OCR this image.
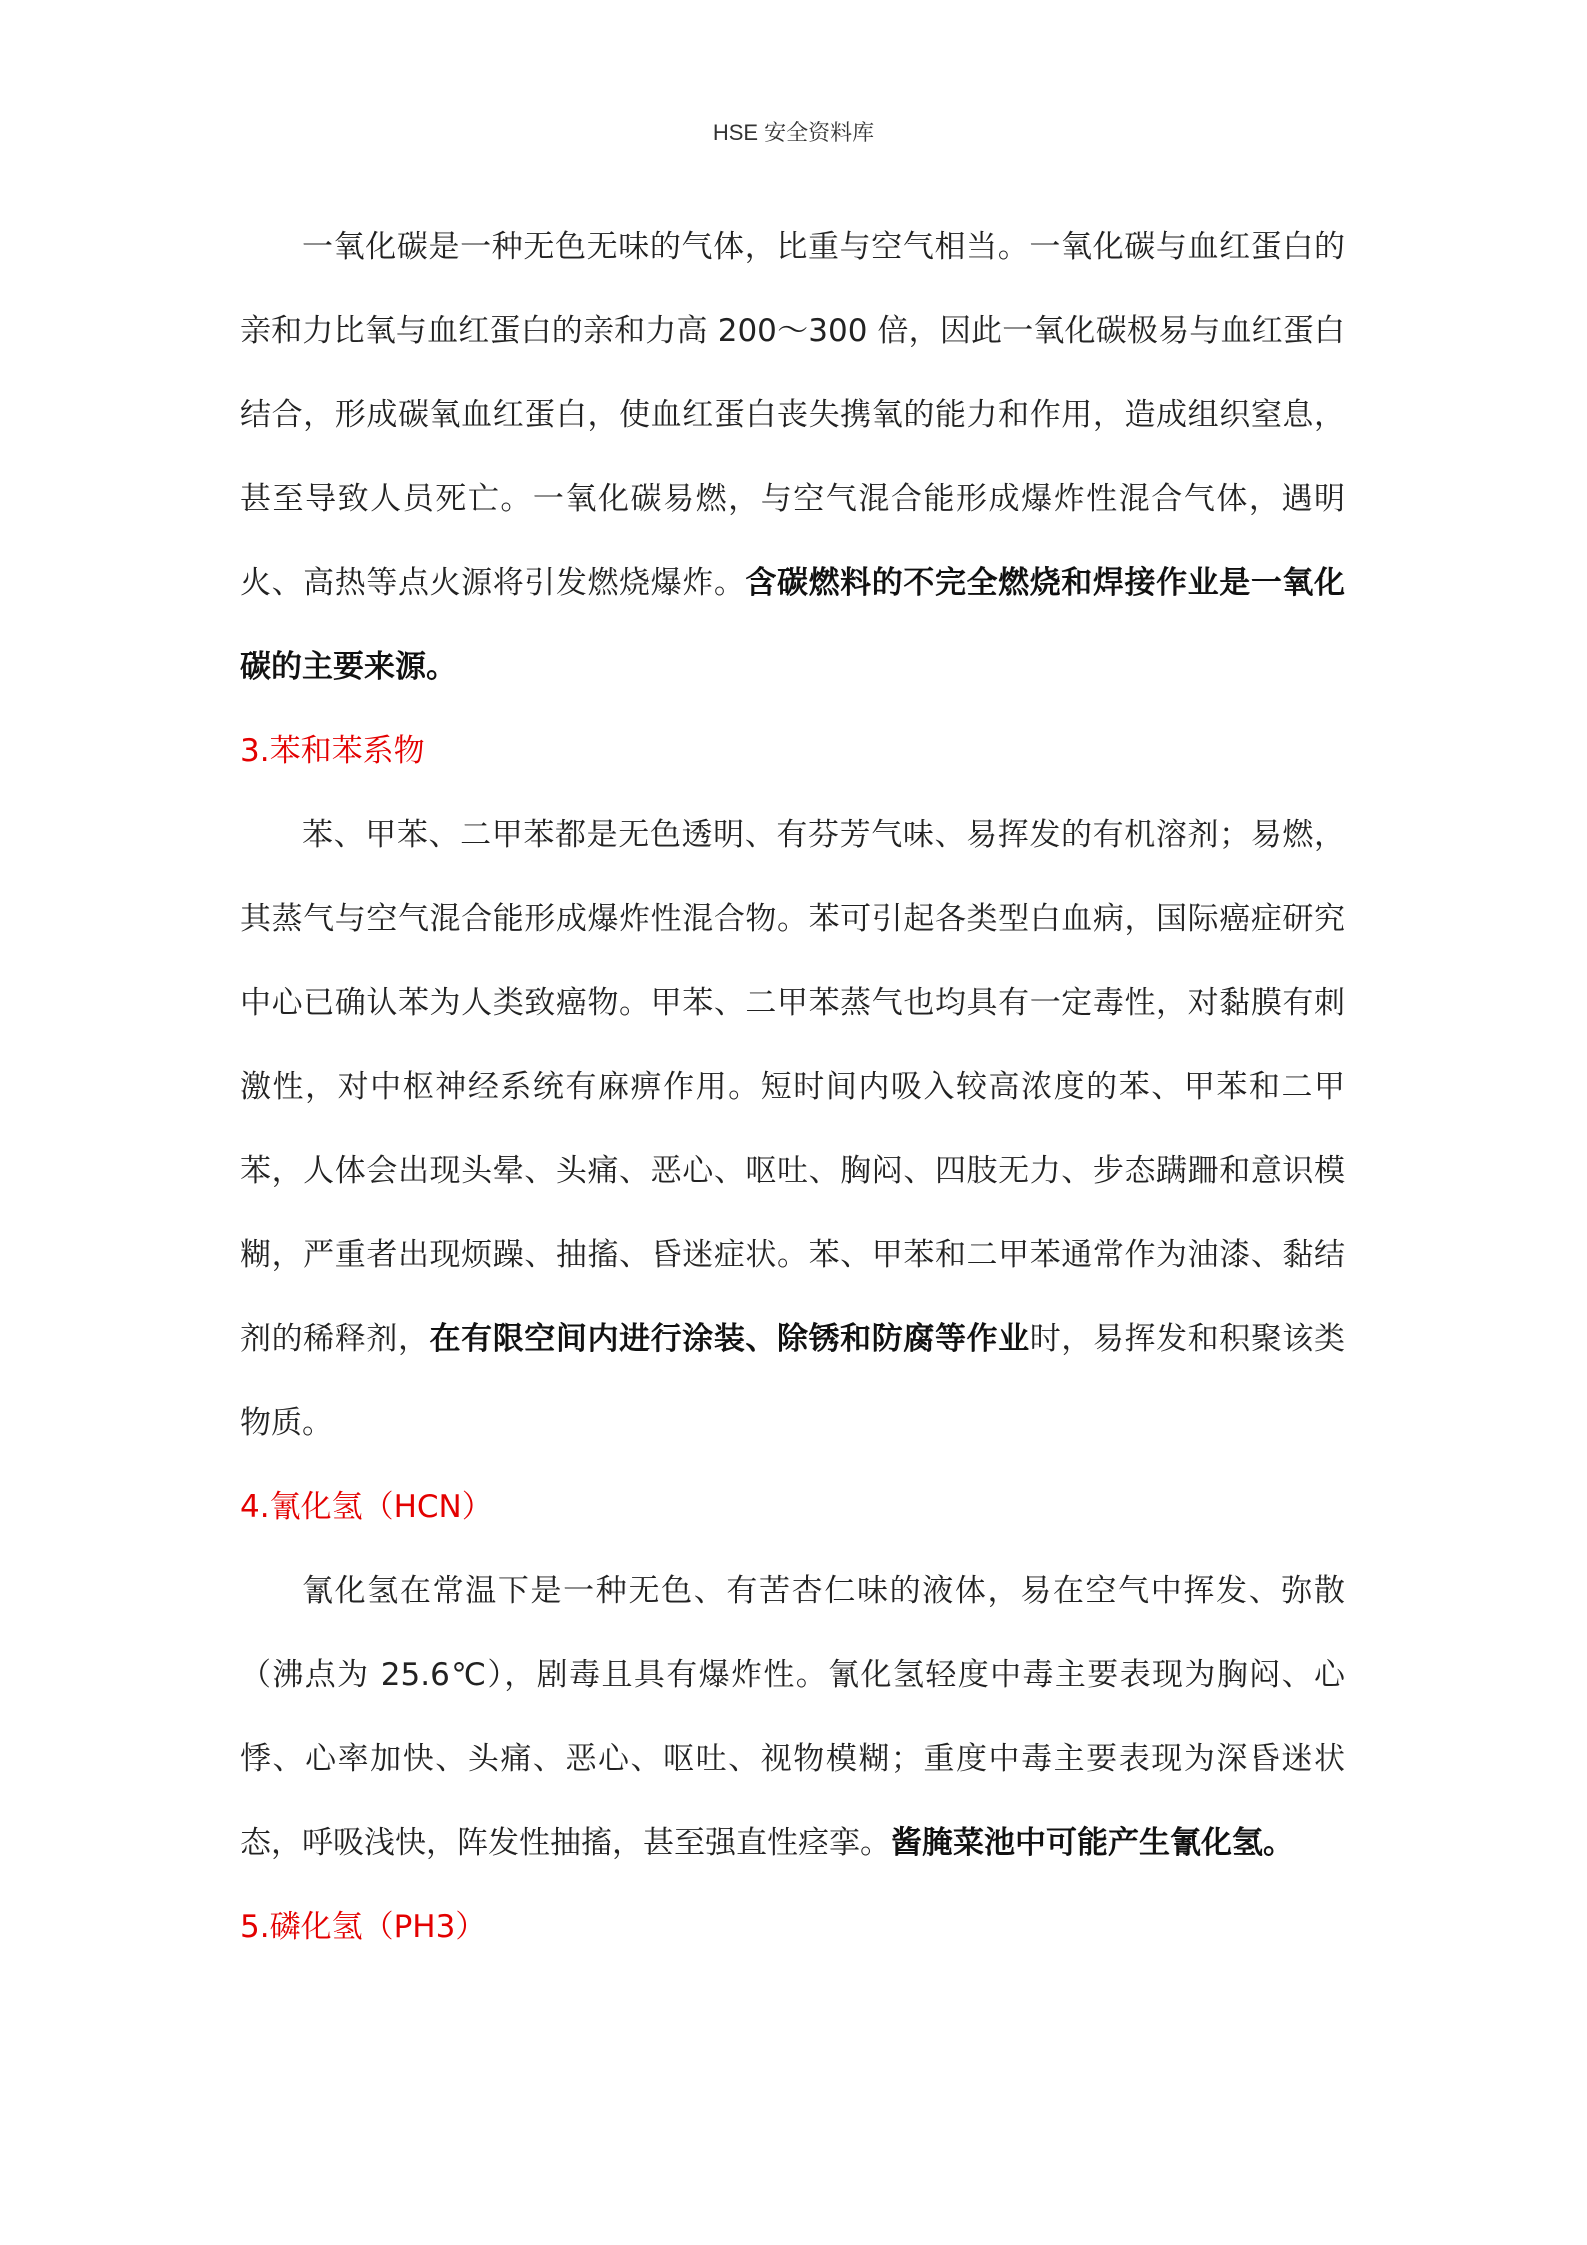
HSE 安全资料库

一氧化碳是一种无色无味的气体，比重与空气相当。一氧化碳与血红蛋白的亲和力比氧与血红蛋白的亲和力高 200～300 倍，因此一氧化碳极易与血红蛋白结合，形成碳氧血红蛋白，使血红蛋白丧失携氧的能力和作用，造成组织窒息，甚至导致人员死亡。一氧化碳易燃，与空气混合能形成爆炸性混合气体，遇明火、高热等点火源将引发燃烧爆炸。含碳燃料的不完全燃烧和焊接作业是一氧化碳的主要来源。

3.苯和苯系物

苯、甲苯、二甲苯都是无色透明、有芬芳气味、易挥发的有机溶剂；易燃，其蒸气与空气混合能形成爆炸性混合物。苯可引起各类型白血病，国际癌症研究中心已确认苯为人类致癌物。甲苯、二甲苯蒸气也均具有一定毒性，对黏膜有刺激性，对中枢神经系统有麻痹作用。短时间内吸入较高浓度的苯、甲苯和二甲苯，人体会出现头晕、头痛、恶心、呕吐、胸闷、四肢无力、步态蹒跚和意识模糊，严重者出现烦躁、抽搐、昏迷症状。苯、甲苯和二甲苯通常作为油漆、黏结剂的稀释剂，在有限空间内进行涂装、除锈和防腐等作业时，易挥发和积聚该类物质。

4.氰化氢（HCN）

氰化氢在常温下是一种无色、有苦杏仁味的液体，易在空气中挥发、弥散（沸点为 25.6℃），剧毒且具有爆炸性。氰化氢轻度中毒主要表现为胸闷、心悸、心率加快、头痛、恶心、呕吐、视物模糊；重度中毒主要表现为深昏迷状态，呼吸浅快，阵发性抽搐，甚至强直性痉挛。酱腌菜池中可能产生氰化氢。

5.磷化氢（PH3）
